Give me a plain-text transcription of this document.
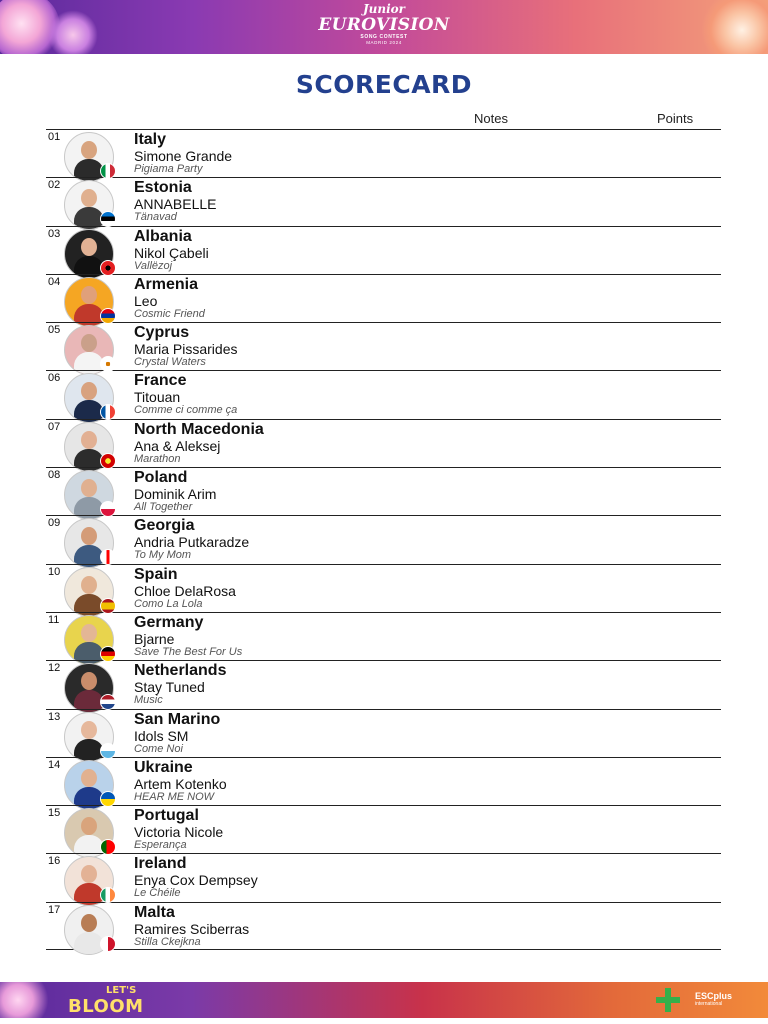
Junior
EUROVISION
SONG CONTEST
MADRID 2024
SCORECARD
Notes	Points
01	Italy
Simone Grande
Pigiama Party
02	Estonia
ANNABELLE
Tänavad
03	Albania
Nikol Çabeli
Vallëzoj
04	Armenia
Leo
Cosmic Friend
05	Cyprus
Maria Pissarides
Crystal Waters
06	France
Titouan
Comme ci comme ça
07	North Macedonia
Ana & Aleksej
Marathon
08	Poland
Dominik Arim
All Together
09	Georgia
Andria Putkaradze
To My Mom
10	Spain
Chloe DelaRosa
Como La Lola
11	Germany
Bjarne
Save The Best For Us
12	Netherlands
Stay Tuned
Music
13	San Marino
Idols SM
Come Noi
14	Ukraine
Artem Kotenko
HEAR ME NOW
15	Portugal
Victoria Nicole
Esperança
16	Ireland
Enya Cox Dempsey
Le Chéile
17	Malta
Ramires Sciberras
Stilla Ckejkna
LET'S
BLOOM	ESCplus
international
